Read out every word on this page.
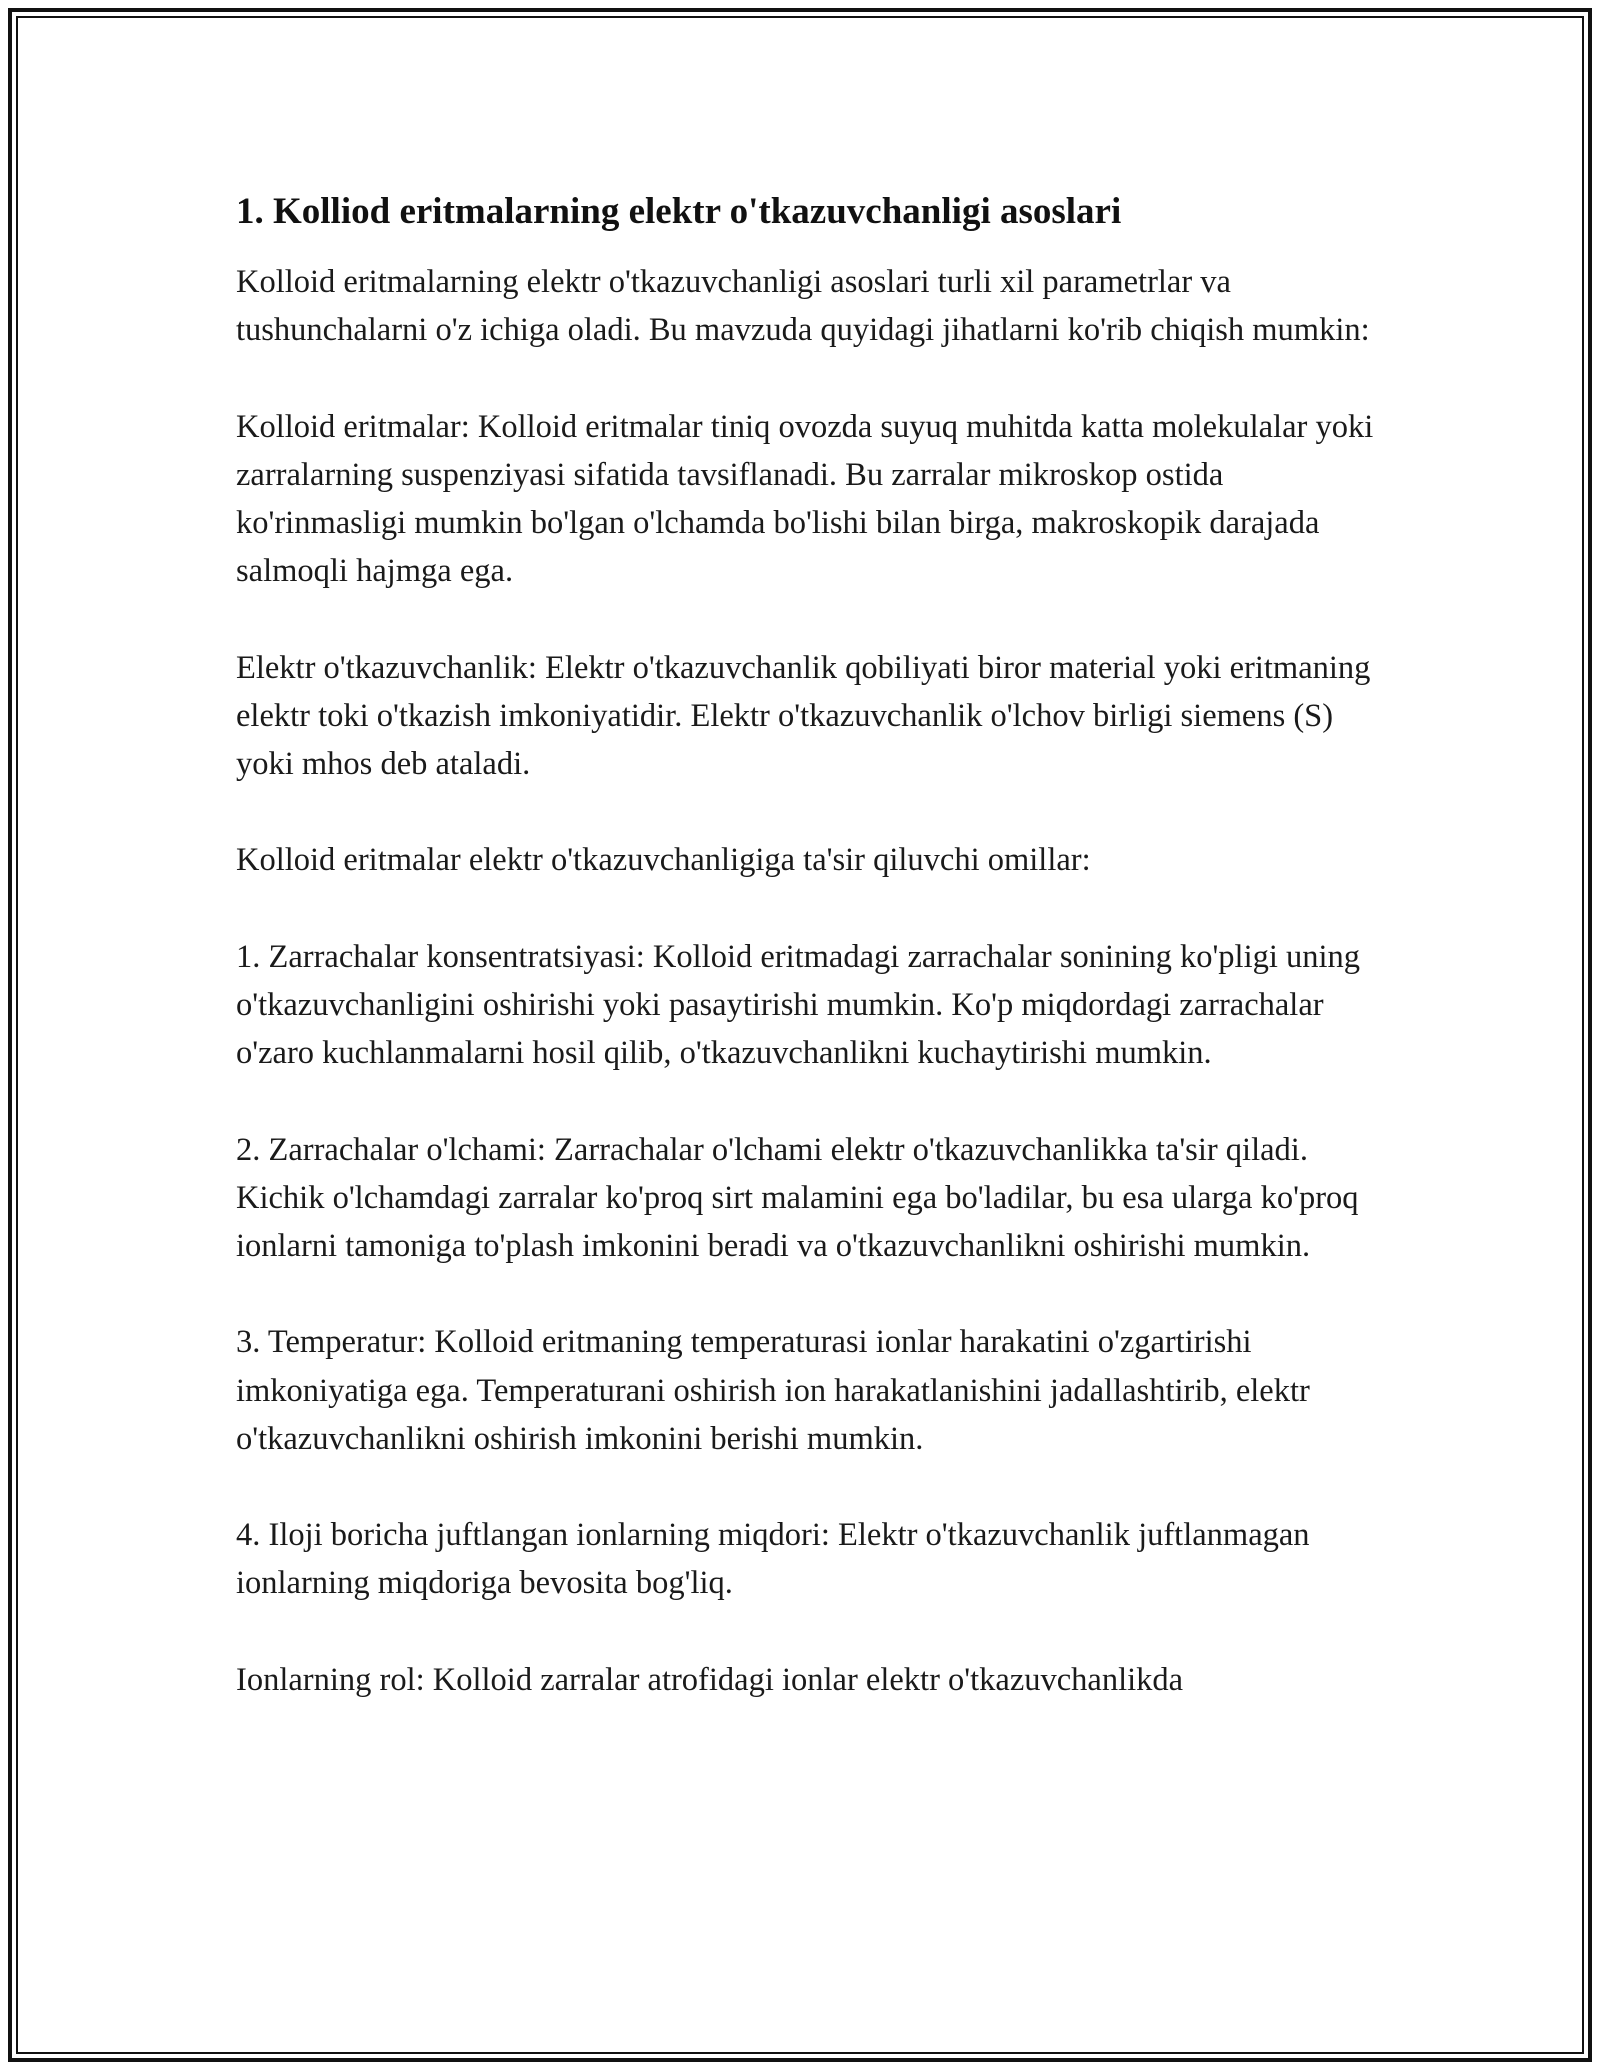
1. Kolliod eritmalarning elektr o'tkazuvchanligi asoslari

Kolloid eritmalarning elektr o'tkazuvchanligi asoslari turli xil parametrlar va tushunchalarni o'z ichiga oladi. Bu mavzuda quyidagi jihatlarni ko'rib chiqish mumkin:

Kolloid eritmalar: Kolloid eritmalar tiniq ovozda suyuq muhitda katta molekulalar yoki zarralarning suspenziyasi sifatida tavsiflanadi. Bu zarralar mikroskop ostida ko'rinmasligi mumkin bo'lgan o'lchamda bo'lishi bilan birga, makroskopik darajada salmoqli hajmga ega.

Elektr o'tkazuvchanlik: Elektr o'tkazuvchanlik qobiliyati biror material yoki eritmaning elektr toki o'tkazish imkoniyatidir. Elektr o'tkazuvchanlik o'lchov birligi siemens (S) yoki mhos deb ataladi.

Kolloid eritmalar elektr o'tkazuvchanligiga ta'sir qiluvchi omillar:

1. Zarrachalar konsentratsiyasi: Kolloid eritmadagi zarrachalar sonining ko'pligi uning o'tkazuvchanligini oshirishi yoki pasaytirishi mumkin. Ko'p miqdordagi zarrachalar o'zaro kuchlanmalarni hosil qilib, o'tkazuvchanlikni kuchaytirishi mumkin.

2. Zarrachalar o'lchami: Zarrachalar o'lchami elektr o'tkazuvchanlikka ta'sir qiladi. Kichik o'lchamdagi zarralar ko'proq sirt malamini ega bo'ladilar, bu esa ularga ko'proq ionlarni tamoniga to'plash imkonini beradi va o'tkazuvchanlikni oshirishi mumkin.

3. Temperatur: Kolloid eritmaning temperaturasi ionlar harakatini o'zgartirishi imkoniyatiga ega. Temperaturani oshirish ion harakatlanishini jadallashtirib, elektr o'tkazuvchanlikni oshirish imkonini berishi mumkin.

4. Iloji boricha juftlangan ionlarning miqdori: Elektr o'tkazuvchanlik juftlanmagan ionlarning miqdoriga bevosita bog'liq.

Ionlarning rol: Kolloid zarralar atrofidagi ionlar elektr o'tkazuvchanlikda
